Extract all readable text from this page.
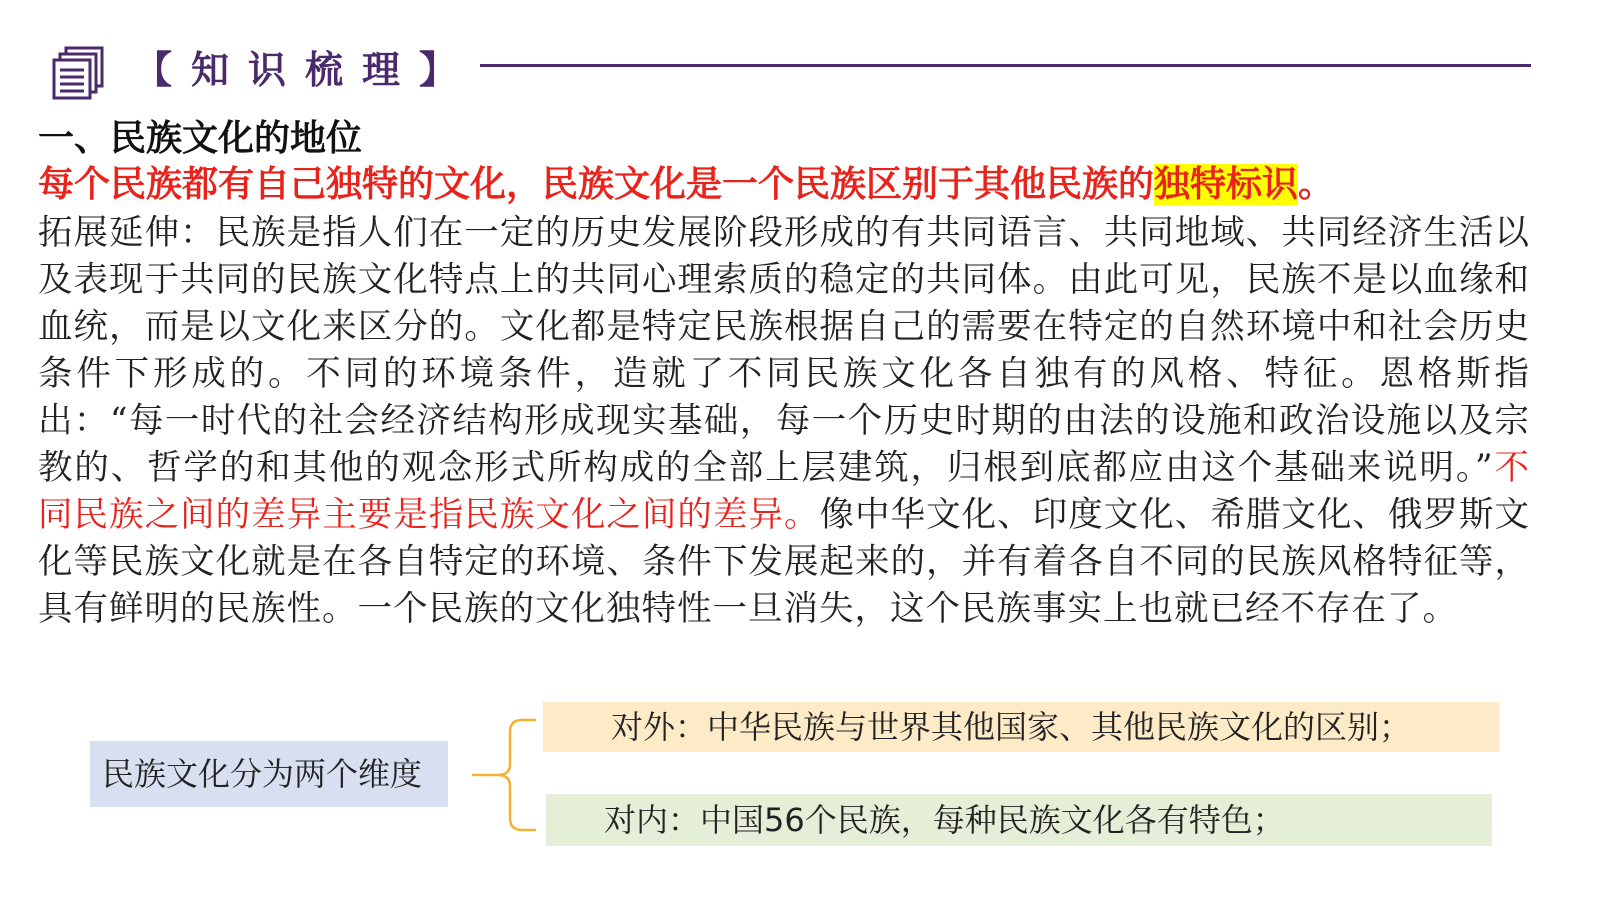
【知识梳理】
一、民族文化的地位
每个民族都有自己独特的文化，民族文化是一个民族区别于其他民族的独特标识。
拓展延伸：民族是指人们在一定的历史发展阶段形成的有共同语言、共同地域、共同经济生活以及表现于共同的民族文化特点上的共同心理索质的稳定的共同体。由此可见，民族不是以血缘和血统，而是以文化来区分的。文化都是特定民族根据自己的需要在特定的自然环境中和社会历史条件下形成的。不同的环境条件，造就了不同民族文化各自独有的风格、特征。恩格斯指出：“每一时代的社会经济结构形成现实基础，每一个历史时期的由法的设施和政治设施以及宗教的、哲学的和其他的观念形式所构成的全部上层建筑，归根到底都应由这个基础来说明。”不同民族之间的差异主要是指民族文化之间的差异。像中华文化、印度文化、希腊文化、俄罗斯文化等民族文化就是在各自特定的环境、条件下发展起来的，并有着各自不同的民族风格特征等，具有鲜明的民族性。一个民族的文化独特性一旦消失，这个民族事实上也就已经不存在了。
民族文化分为两个维度
对外：中华民族与世界其他国家、其他民族文化的区别；
对内：中国56个民族，每种民族文化各有特色；
